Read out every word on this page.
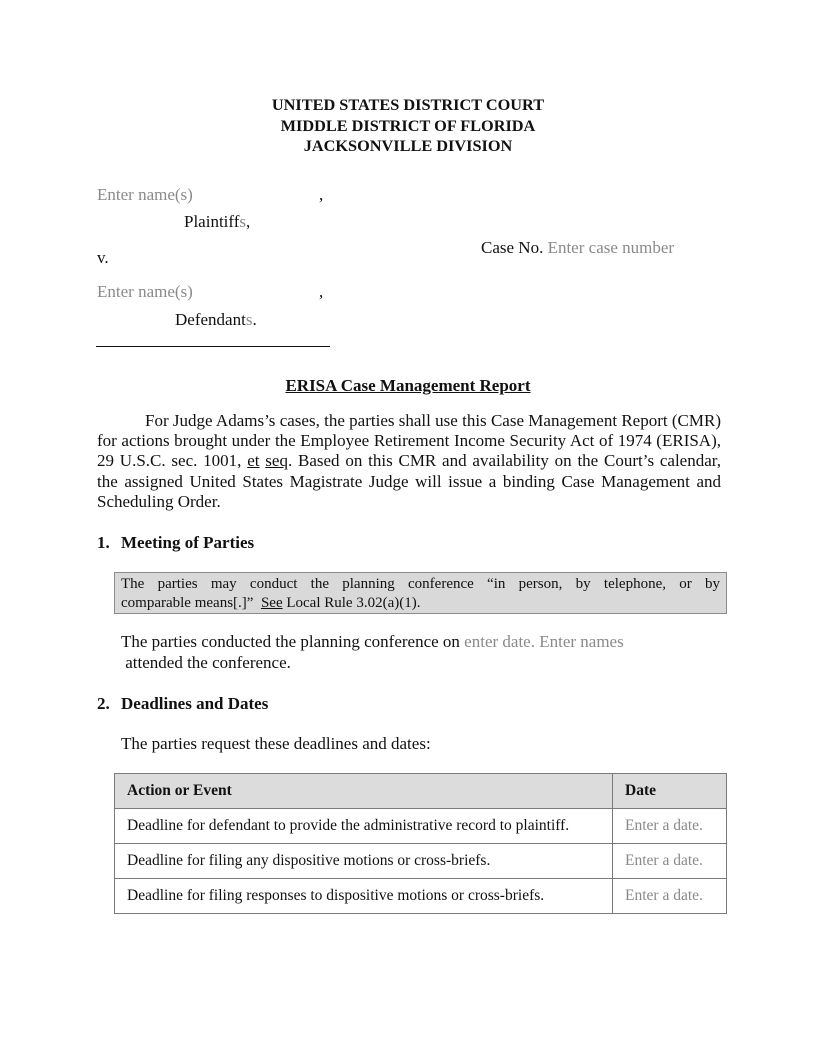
UNITED STATES DISTRICT COURT
MIDDLE DISTRICT OF FLORIDA
JACKSONVILLE DIVISION
Enter name(s)	,
Plaintiffs,
v.
Case No. Enter case number
Enter name(s)	,
Defendants.
ERISA Case Management Report
For Judge Adams’s cases, the parties shall use this Case Management Report (CMR) for actions brought under the Employee Retirement Income Security Act of 1974 (ERISA), 29 U.S.C. sec. 1001, et seq. Based on this CMR and availability on the Court’s calendar, the assigned United States Magistrate Judge will issue a binding Case Management and Scheduling Order.
1. Meeting of Parties
The parties may conduct the planning conference “in person, by telephone, or by
comparable means[.]”  See Local Rule 3.02(a)(1).
The parties conducted the planning conference on enter date. Enter names attended the conference.
2. Deadlines and Dates
The parties request these deadlines and dates:
Action or Event	Date
Deadline for defendant to provide the administrative record to plaintiff.	Enter a date.
Deadline for filing any dispositive motions or cross-briefs.	Enter a date.
Deadline for filing responses to dispositive motions or cross-briefs.	Enter a date.
